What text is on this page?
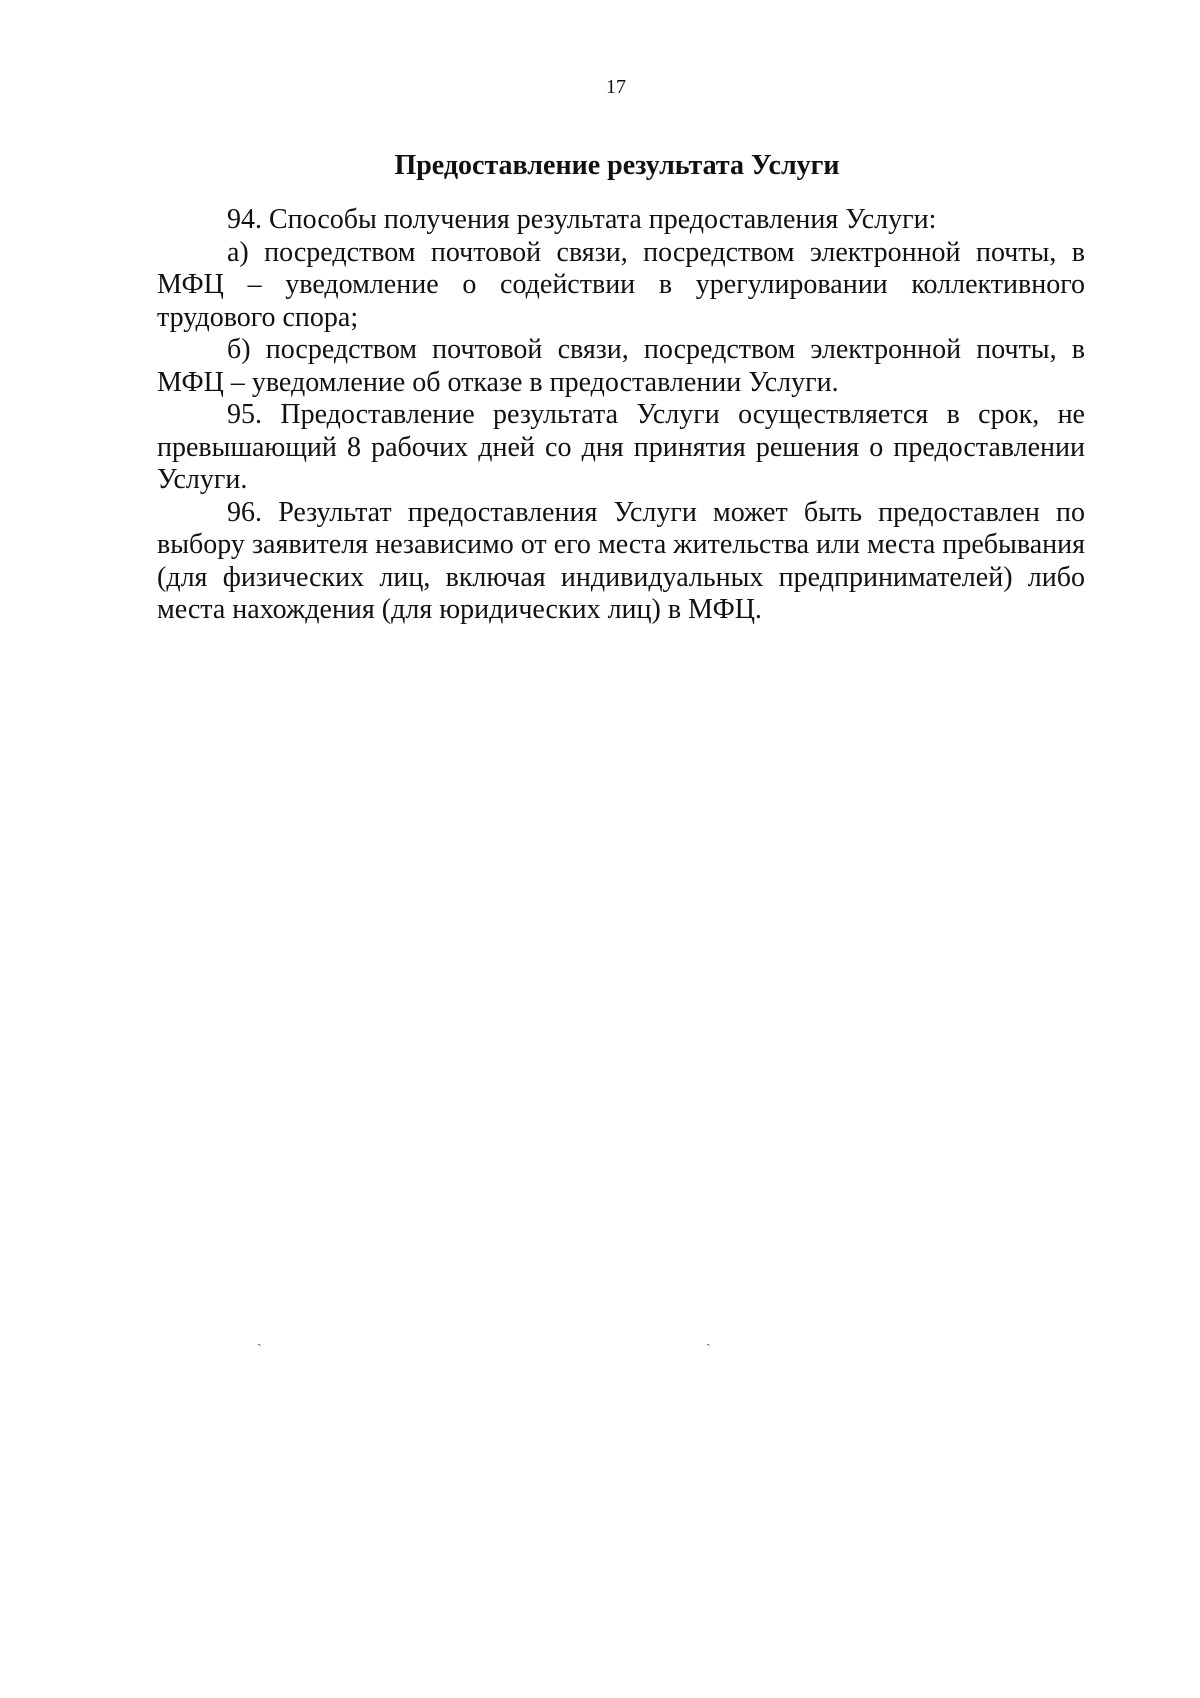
17
Предоставление результата Услуги

94. Способы получения результата предоставления Услуги:

а) посредством почтовой связи, посредством электронной почты, в МФЦ – уведомление о содействии в урегулировании коллективного трудового спора;

б) посредством почтовой связи, посредством электронной почты, в МФЦ – уведомление об отказе в предоставлении Услуги.

95. Предоставление результата Услуги осуществляется в срок, не превышающий 8 рабочих дней со дня принятия решения о предоставлении Услуги.

96. Результат предоставления Услуги может быть предоставлен по выбору заявителя независимо от его места жительства или места пребывания (для физических лиц, включая индивидуальных предпринимателей) либо места нахождения (для юридических лиц) в МФЦ.

ˏ	ˎ
